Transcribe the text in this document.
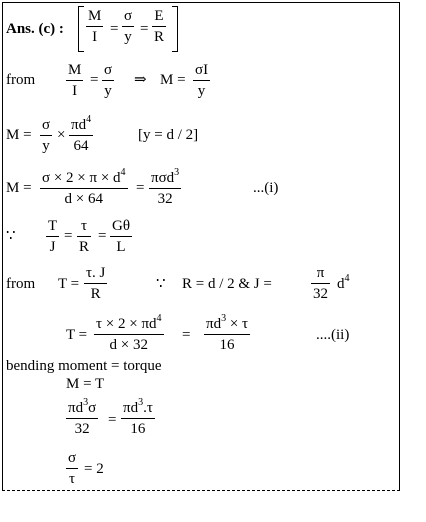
Ans. (c) : $\frac{M}{I} = \frac{\sigma}{y} = \frac{E}{R}$
from $\frac{M}{I} = \frac{\sigma}{y}$ ⇒ $M = \frac{\sigma I}{y}$
$M = \frac{\sigma}{y} \times \frac{\pi d^4}{64}$	[y = d / 2]
$M = \frac{\sigma \times 2 \times \pi \times d^4}{d \times 64}$ =
πσd$^3$
32
...(i)
∵ $\frac{T}{J} = \frac{\tau}{R} = \frac{G\theta}{L}$
from $T = \frac{\tau. J}{R}$	∵ R = d / 2 & J =	$\frac{\pi}{32} d^4$
$T = \frac{\tau \times 2 \times \pi d^4}{d \times 32} = \frac{\pi d^3 \times \tau}{16}$	....(ii)
bending moment = torque
M = T
$\frac{\pi d^3\sigma}{32} = \frac{\pi d^3.\tau}{16}$
$\frac{\sigma}{\tau} = 2$
